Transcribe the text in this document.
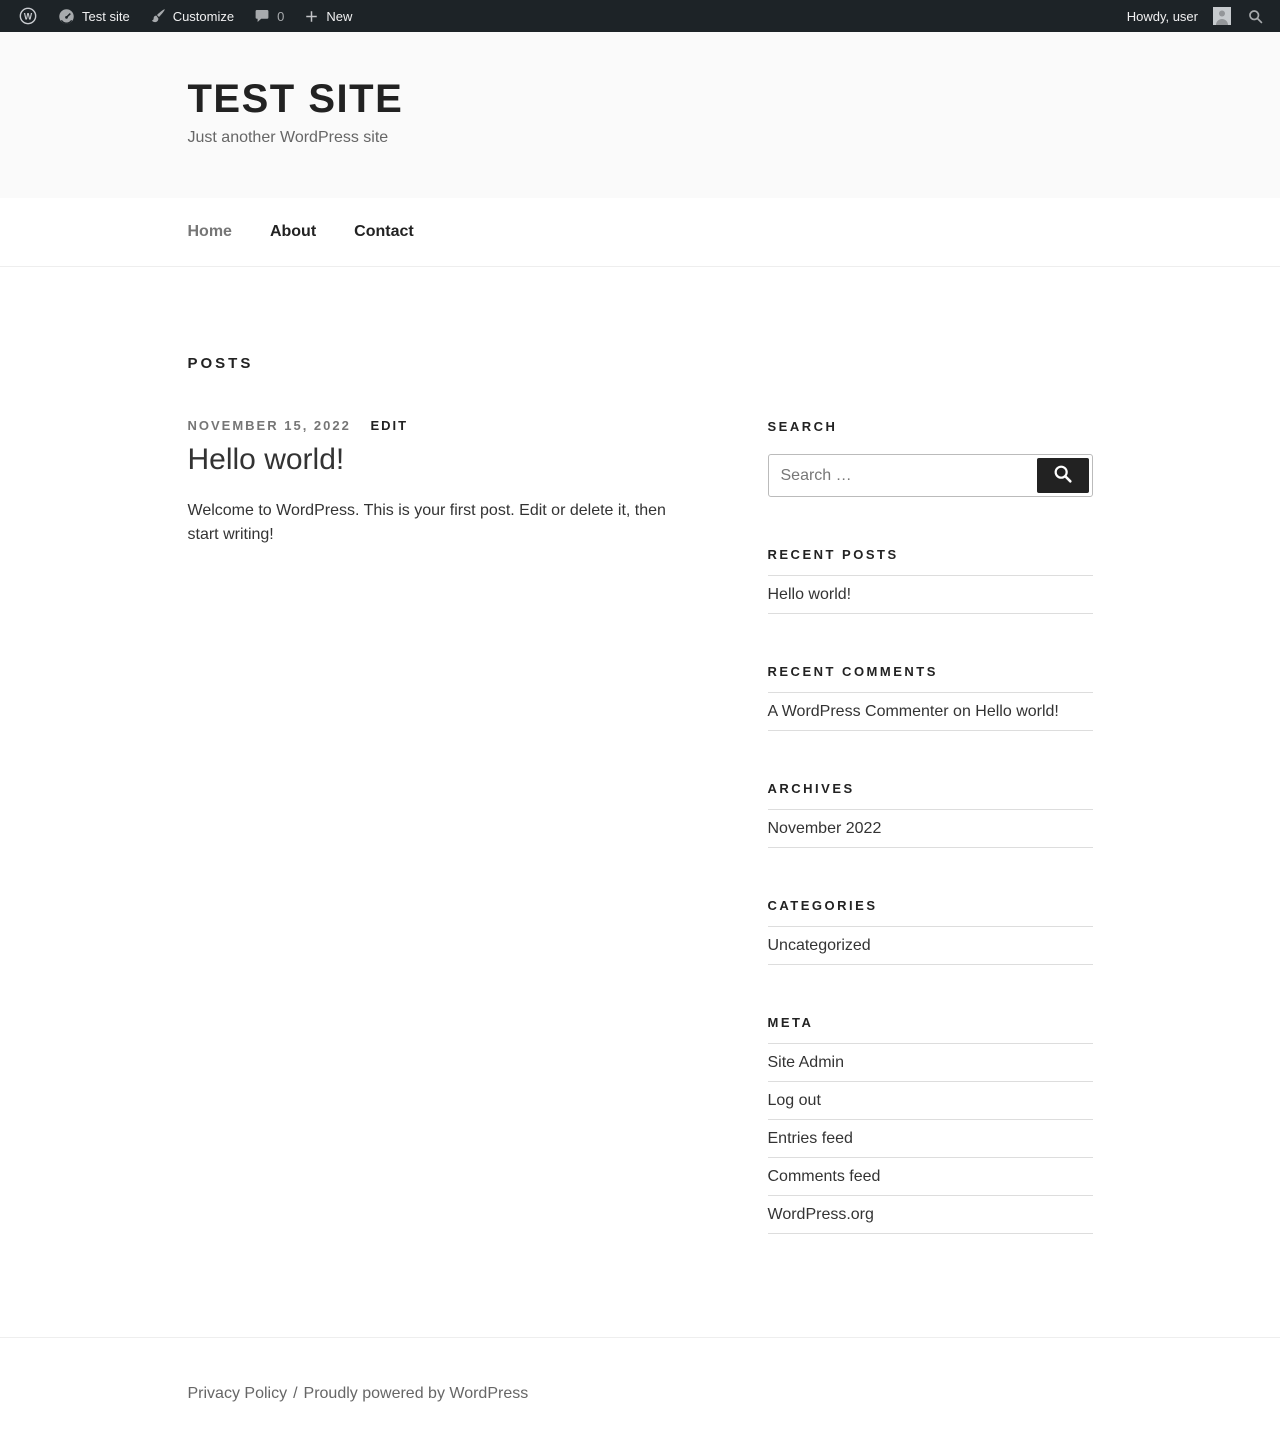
W	Test site	Customize	0	New	Howdy, user
TEST SITE
Just another WordPress site
Home About Contact
POSTS
NOVEMBER 15, 2022 EDIT
Hello world!

Welcome to WordPress. This is your first post. Edit or delete it, then start writing!

SEARCH
Search …
RECENT POSTS
Hello world!
RECENT COMMENTS
A WordPress Commenter on Hello world!
ARCHIVES
November 2022
CATEGORIES
Uncategorized
META
Site Admin
Log out
Entries feed
Comments feed
WordPress.org
Privacy Policy / Proudly powered by WordPress
